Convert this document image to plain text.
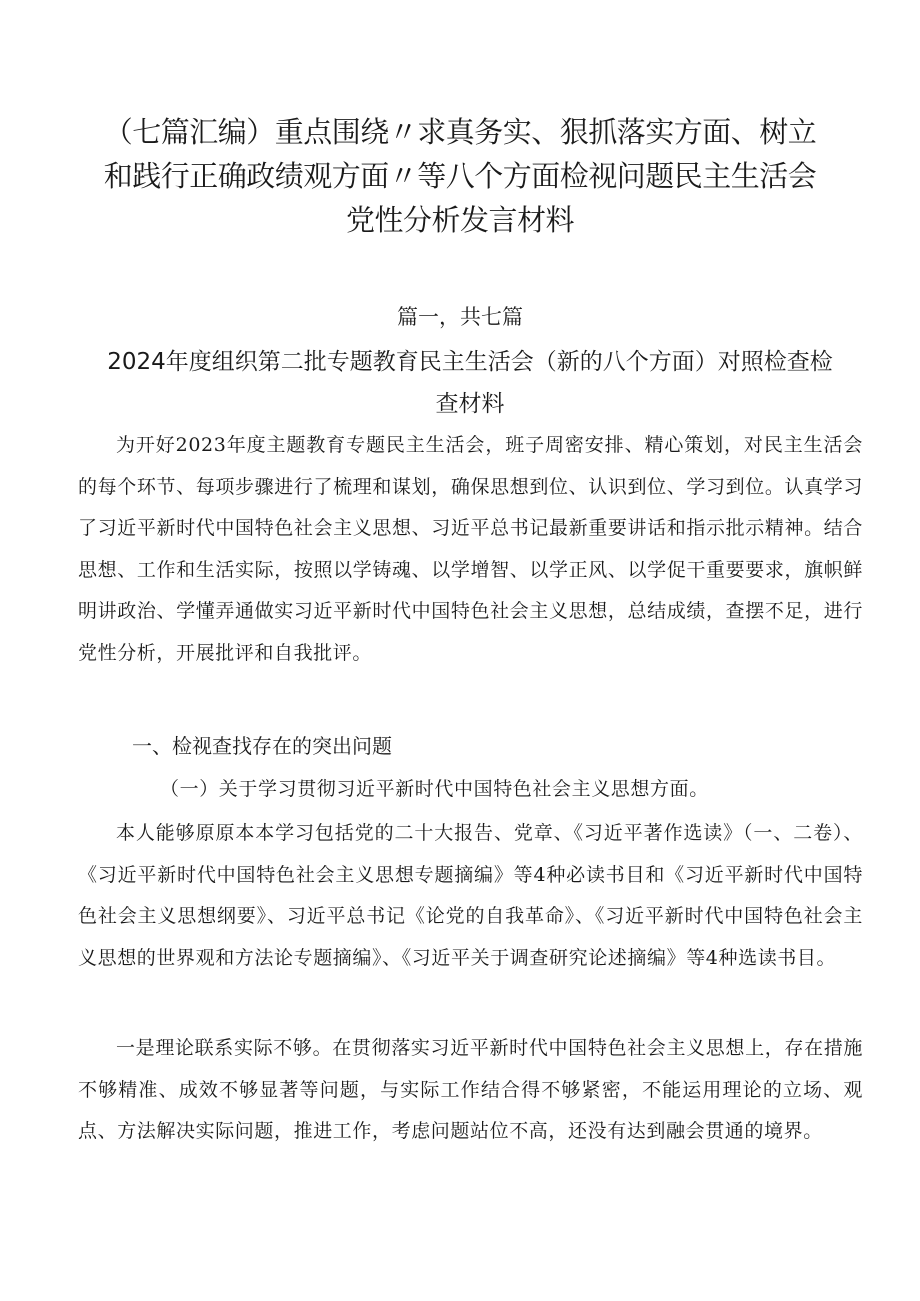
（七篇汇编）重点围绕〃求真务实、狠抓落实方面、树立和践行正确政绩观方面〃等八个方面检视问题民主生活会党性分析发言材料
篇一，共七篇
2024年度组织第二批专题教育民主生活会（新的八个方面）对照检查检查材料

为开好2023年度主题教育专题民主生活会，班子周密安排、精心策划，对民主生活会的每个环节、每项步骤进行了梳理和谋划，确保思想到位、认识到位、学习到位。认真学习了习近平新时代中国特色社会主义思想、习近平总书记最新重要讲话和指示批示精神。结合思想、工作和生活实际，按照以学铸魂、以学增智、以学正风、以学促干重要要求，旗帜鲜明讲政治、学懂弄通做实习近平新时代中国特色社会主义思想，总结成绩，查摆不足，进行党性分析，开展批评和自我批评。

一、检视查找存在的突出问题
（一）关于学习贯彻习近平新时代中国特色社会主义思想方面。

本人能够原原本本学习包括党的二十大报告、党章、《习近平著作选读》（一、二卷）、《习近平新时代中国特色社会主义思想专题摘编》等4种必读书目和《习近平新时代中国特色社会主义思想纲要》、习近平总书记《论党的自我革命》、《习近平新时代中国特色社会主义思想的世界观和方法论专题摘编》、《习近平关于调查研究论述摘编》等4种选读书目。

一是理论联系实际不够。在贯彻落实习近平新时代中国特色社会主义思想上，存在措施不够精准、成效不够显著等问题，与实际工作结合得不够紧密，不能运用理论的立场、观点、方法解决实际问题，推进工作，考虑问题站位不高，还没有达到融会贯通的境界。
